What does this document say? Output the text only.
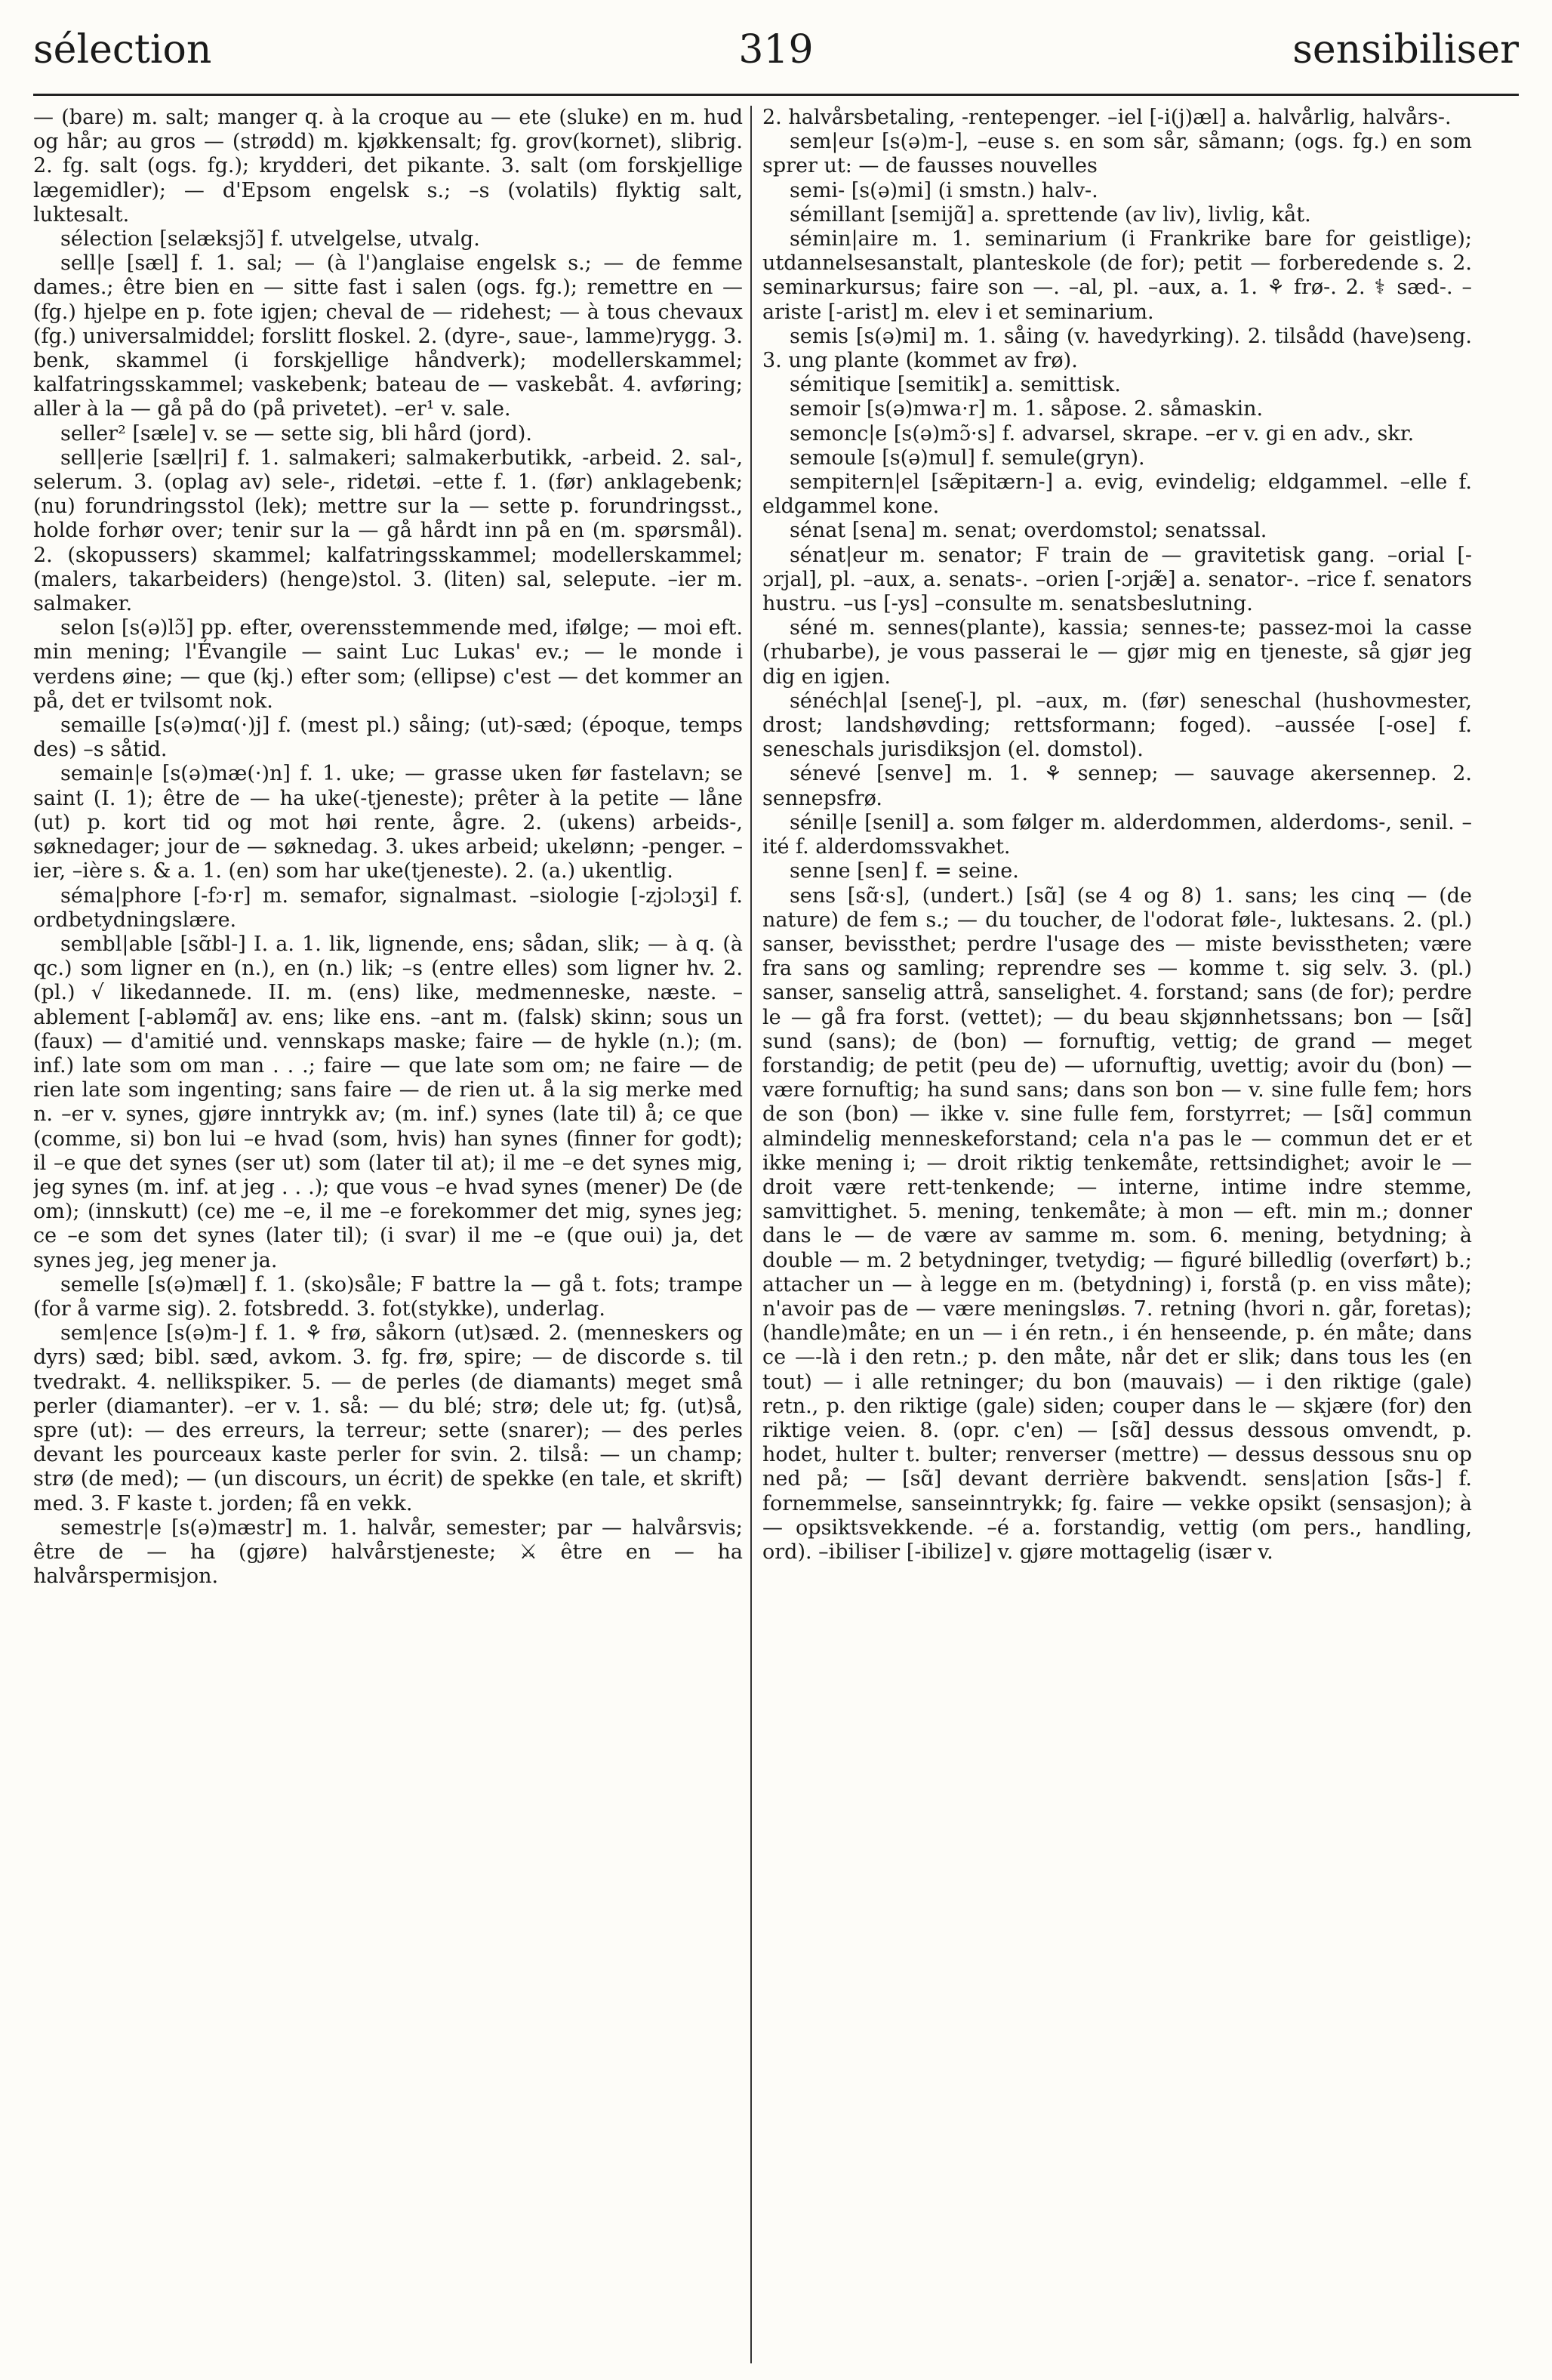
sélection	319	sensibiliser

— (bare) m. salt; manger q. à la croque au — ete (sluke) en m. hud og hår; au gros — (strødd) m. kjøkkensalt; fg. grov(kornet), slibrig. 2. fg. salt (ogs. fg.); krydderi, det pikante. 3. salt (om forskjellige lægemidler); — d'Epsom engelsk s.; –s (volatils) flyktig salt, luktesalt.

sélection [selæksjɔ̃] f. utvelgelse, utvalg.

sell|e [sæl] f. 1. sal; — (à l')anglaise engelsk s.; — de femme dames.; être bien en — sitte fast i salen (ogs. fg.); remettre en — (fg.) hjelpe en p. fote igjen; cheval de — ridehest; — à tous chevaux (fg.) universalmiddel; forslitt floskel. 2. (dyre-, saue-, lamme)rygg. 3. benk, skammel (i forskjellige håndverk); modellerskammel; kalfatringsskammel; vaskebenk; bateau de — vaskebåt. 4. avføring; aller à la — gå på do (på privetet). –er¹ v. sale.

seller² [sæle] v. se — sette sig, bli hård (jord).

sell|erie [sæl|ri] f. 1. salmakeri; salmakerbutikk, -arbeid. 2. sal-, selerum. 3. (oplag av) sele-, ridetøi. –ette f. 1. (før) anklagebenk; (nu) forundringsstol (lek); mettre sur la — sette p. forundringsst., holde forhør over; tenir sur la — gå hårdt inn på en (m. spørsmål). 2. (skopussers) skammel; kalfatringsskammel; modellerskammel; (malers, takarbeiders) (henge)stol. 3. (liten) sal, selepute. –ier m. salmaker.

selon [s(ə)lɔ̃] pp. efter, overensstemmende med, ifølge; — moi eft. min mening; l'Évangile — saint Luc Lukas' ev.; — le monde i verdens øine; — que (kj.) efter som; (ellipse) c'est — det kommer an på, det er tvilsomt nok.

semaille [s(ə)mɑ(·)j] f. (mest pl.) såing; (ut)-sæd; (époque, temps des) –s såtid.

semain|e [s(ə)mæ(·)n] f. 1. uke; — grasse uken før fastelavn; se saint (I. 1); être de — ha uke(-tjeneste); prêter à la petite — låne (ut) p. kort tid og mot høi rente, ågre. 2. (ukens) arbeids-, søknedager; jour de — søknedag. 3. ukes arbeid; ukelønn; -penger. –ier, –ière s. & a. 1. (en) som har uke(tjeneste). 2. (a.) ukentlig.

séma|phore [-fɔ·r] m. semafor, signalmast. –siologie [-zjɔlɔʒi] f. ordbetydningslære.

sembl|able [sɑ̃bl-] I. a. 1. lik, lignende, ens; sådan, slik; — à q. (à qc.) som ligner en (n.), en (n.) lik; –s (entre elles) som ligner hv. 2. (pl.) √ likedannede. II. m. (ens) like, medmenneske, næste. –ablement [-abləmɑ̃] av. ens; like ens. –ant m. (falsk) skinn; sous un (faux) — d'amitié und. vennskaps maske; faire — de hykle (n.); (m. inf.) late som om man . . .; faire — que late som om; ne faire — de rien late som ingenting; sans faire — de rien ut. å la sig merke med n. –er v. synes, gjøre inntrykk av; (m. inf.) synes (late til) å; ce que (comme, si) bon lui –e hvad (som, hvis) han synes (finner for godt); il –e que det synes (ser ut) som (later til at); il me –e det synes mig, jeg synes (m. inf. at jeg . . .); que vous –e hvad synes (mener) De (de om); (innskutt) (ce) me –e, il me –e forekommer det mig, synes jeg; ce –e som det synes (later til); (i svar) il me –e (que oui) ja, det synes jeg, jeg mener ja.

semelle [s(ə)mæl] f. 1. (sko)såle; F battre la — gå t. fots; trampe (for å varme sig). 2. fotsbredd. 3. fot(stykke), underlag.

sem|ence [s(ə)m-] f. 1. ⚘ frø, såkorn (ut)sæd. 2. (menneskers og dyrs) sæd; bibl. sæd, avkom. 3. fg. frø, spire; — de discorde s. til tvedrakt. 4. nellikspiker. 5. — de perles (de diamants) meget små perler (diamanter). –er v. 1. så: — du blé; strø; dele ut; fg. (ut)så, spre (ut): — des erreurs, la terreur; sette (snarer); — des perles devant les pourceaux kaste perler for svin. 2. tilså: — un champ; strø (de med); — (un discours, un écrit) de spekke (en tale, et skrift) med. 3. F kaste t. jorden; få en vekk.

semestr|e [s(ə)mæstr] m. 1. halvår, semester; par — halvårsvis; être de — ha (gjøre) halvårstjeneste; ⚔ être en — ha halvårspermisjon.

2. halvårsbetaling, -rentepenger. –iel [-i(j)æl] a. halvårlig, halvårs-.

sem|eur [s(ə)m-], –euse s. en som sår, såmann; (ogs. fg.) en som sprer ut: — de fausses nouvelles

semi- [s(ə)mi] (i smstn.) halv-.

sémillant [semijɑ̃] a. sprettende (av liv), livlig, kåt.

sémin|aire m. 1. seminarium (i Frankrike bare for geistlige); utdannelsesanstalt, planteskole (de for); petit — forberedende s. 2. seminarkursus; faire son —. –al, pl. –aux, a. 1. ⚘ frø-. 2. ⚕ sæd-. –ariste [-arist] m. elev i et seminarium.

semis [s(ə)mi] m. 1. såing (v. havedyrking). 2. tilsådd (have)seng. 3. ung plante (kommet av frø).

sémitique [semitik] a. semittisk.

semoir [s(ə)mwa·r] m. 1. såpose. 2. såmaskin.

semonc|e [s(ə)mɔ̃·s] f. advarsel, skrape. –er v. gi en adv., skr.

semoule [s(ə)mul] f. semule(gryn).

sempitern|el [sæ̃pitærn-] a. evig, evindelig; eldgammel. –elle f. eldgammel kone.

sénat [sena] m. senat; overdomstol; senatssal.

sénat|eur m. senator; F train de — gravitetisk gang. –orial [-ɔrjal], pl. –aux, a. senats-. –orien [-ɔrjæ̃] a. senator-. –rice f. senators hustru. –us [-ys] –consulte m. senatsbeslutning.

séné m. sennes(plante), kassia; sennes-te; passez-moi la casse (rhubarbe), je vous passerai le — gjør mig en tjeneste, så gjør jeg dig en igjen.

sénéch|al [seneʃ-], pl. –aux, m. (før) seneschal (hushovmester, drost; landshøvding; rettsformann; foged). –aussée [-ose] f. seneschals jurisdiksjon (el. domstol).

sénevé [senve] m. 1. ⚘ sennep; — sauvage akersennep. 2. sennepsfrø.

sénil|e [senil] a. som følger m. alderdommen, alderdoms-, senil. –ité f. alderdomssvakhet.

senne [sen] f. = seine.

sens [sɑ̃·s], (undert.) [sɑ̃] (se 4 og 8) 1. sans; les cinq — (de nature) de fem s.; — du toucher, de l'odorat føle-, luktesans. 2. (pl.) sanser, bevissthet; perdre l'usage des — miste bevisstheten; være fra sans og samling; reprendre ses — komme t. sig selv. 3. (pl.) sanser, sanselig attrå, sanselighet. 4. forstand; sans (de for); perdre le — gå fra forst. (vettet); — du beau skjønnhetssans; bon — [sɑ̃] sund (sans); de (bon) — fornuftig, vettig; de grand — meget forstandig; de petit (peu de) — ufornuftig, uvettig; avoir du (bon) — være fornuftig; ha sund sans; dans son bon — v. sine fulle fem; hors de son (bon) — ikke v. sine fulle fem, forstyrret; — [sɑ̃] commun almindelig menneskeforstand; cela n'a pas le — commun det er et ikke mening i; — droit riktig tenkemåte, rettsindighet; avoir le — droit være rett-tenkende; — interne, intime indre stemme, samvittighet. 5. mening, tenkemåte; à mon — eft. min m.; donner dans le — de være av samme m. som. 6. mening, betydning; à double — m. 2 betydninger, tvetydig; — figuré billedlig (overført) b.; attacher un — à legge en m. (betydning) i, forstå (p. en viss måte); n'avoir pas de — være meningsløs. 7. retning (hvori n. går, foretas); (handle)måte; en un — i én retn., i én henseende, p. én måte; dans ce —-là i den retn.; p. den måte, når det er slik; dans tous les (en tout) — i alle retninger; du bon (mauvais) — i den riktige (gale) retn., p. den riktige (gale) siden; couper dans le — skjære (for) den riktige veien. 8. (opr. c'en) — [sɑ̃] dessus dessous omvendt, p. hodet, hulter t. bulter; renverser (mettre) — dessus dessous snu op ned på; — [sɑ̃] devant derrière bakvendt. sens|ation [sɑ̃s-] f. fornemmelse, sanseinntrykk; fg. faire — vekke opsikt (sensasjon); à — opsiktsvekkende. –é a. forstandig, vettig (om pers., handling, ord). –ibiliser [-ibilize] v. gjøre mottagelig (især v.
